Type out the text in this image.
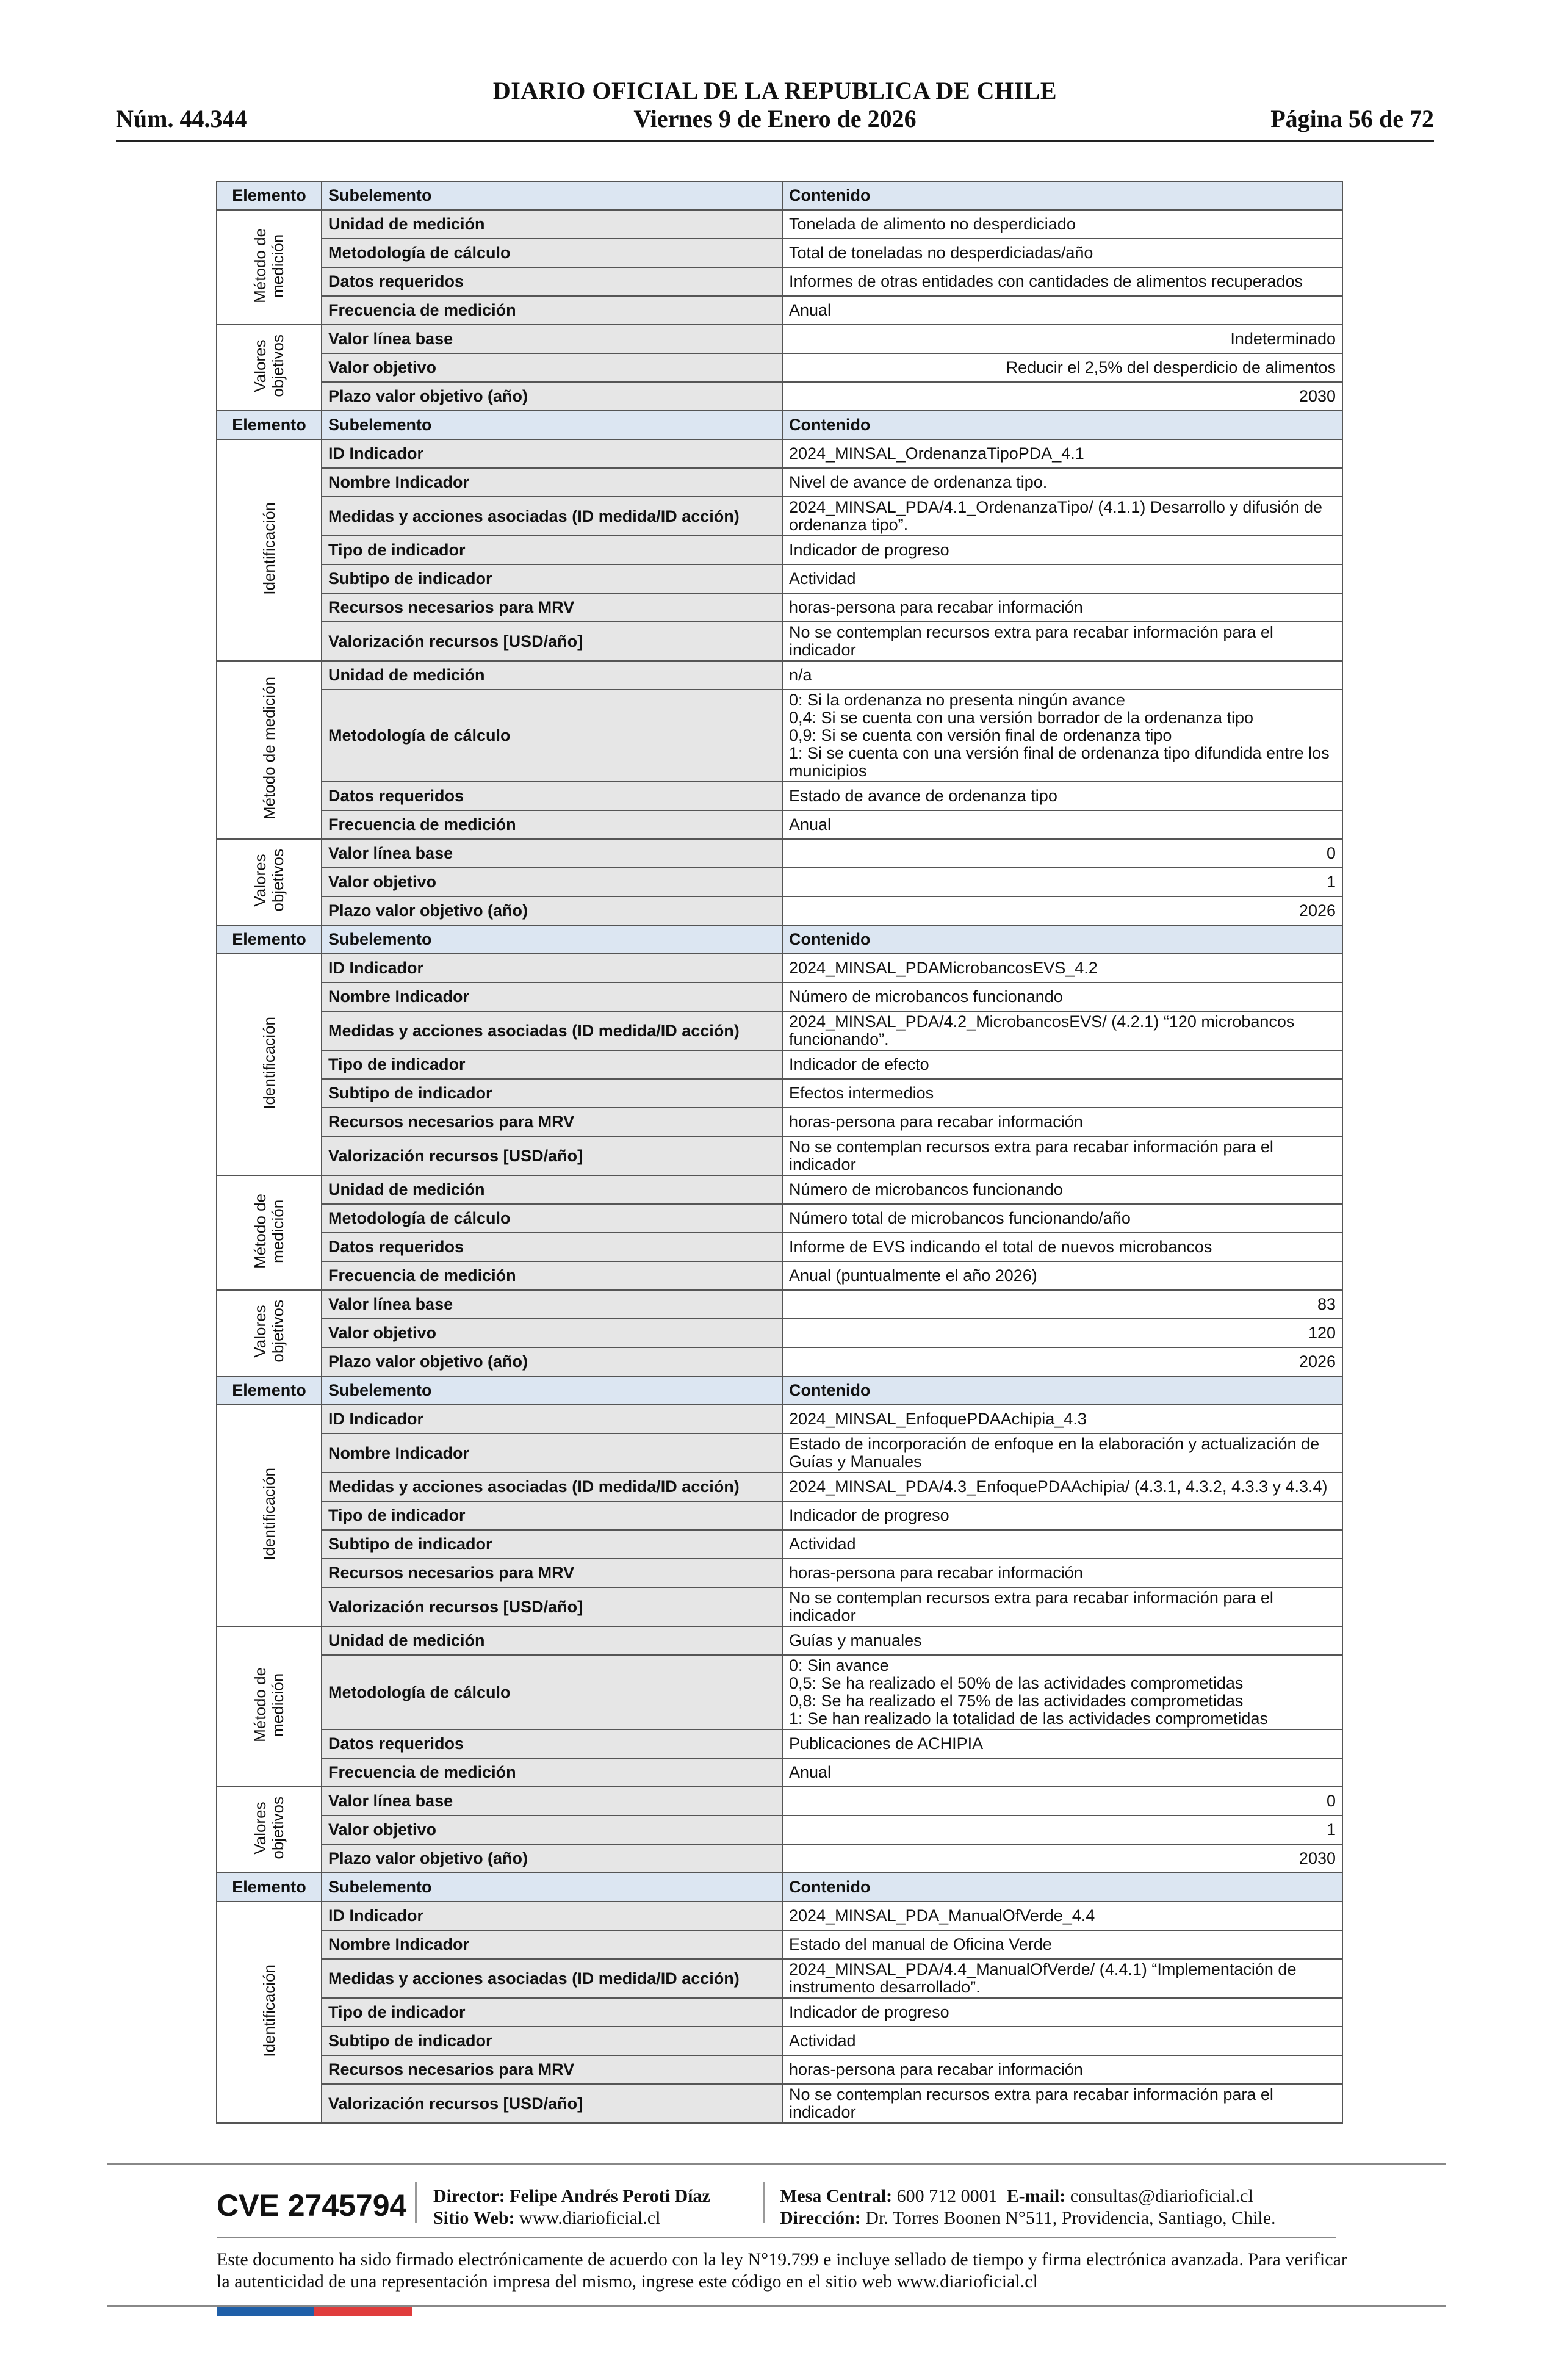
DIARIO OFICIAL DE LA REPUBLICA DE CHILE
Núm. 44.344	Viernes 9 de Enero de 2026	Página 56 de 72
Elemento	Subelemento	Contenido
Método de
medición	Unidad de medición	Tonelada de alimento no desperdiciado
	Metodología de cálculo	Total de toneladas no desperdiciadas/año
	Datos requeridos	Informes de otras entidades con cantidades de alimentos recuperados
	Frecuencia de medición	Anual
Valores
objetivos	Valor línea base	Indeterminado
	Valor objetivo	Reducir el 2,5% del desperdicio de alimentos
	Plazo valor objetivo (año)	2030
Elemento	Subelemento	Contenido
Identificación	ID Indicador	2024_MINSAL_OrdenanzaTipoPDA_4.1
	Nombre Indicador	Nivel de avance de ordenanza tipo.
	Medidas y acciones asociadas (ID medida/ID acción)	2024_MINSAL_PDA/4.1_OrdenanzaTipo/ (4.1.1) Desarrollo y difusión de ordenanza tipo”.
	Tipo de indicador	Indicador de progreso
	Subtipo de indicador	Actividad
	Recursos necesarios para MRV	horas-persona para recabar información
	Valorización recursos [USD/año]	No se contemplan recursos extra para recabar información para el indicador
Método de medición	Unidad de medición	n/a
	Metodología de cálculo	0: Si la ordenanza no presenta ningún avance
0,4: Si se cuenta con una versión borrador de la ordenanza tipo
0,9: Si se cuenta con versión final de ordenanza tipo
1: Si se cuenta con una versión final de ordenanza tipo difundida entre los municipios
	Datos requeridos	Estado de avance de ordenanza tipo
	Frecuencia de medición	Anual
Valores
objetivos	Valor línea base	0
	Valor objetivo	1
	Plazo valor objetivo (año)	2026
Elemento	Subelemento	Contenido
Identificación	ID Indicador	2024_MINSAL_PDAMicrobancosEVS_4.2
	Nombre Indicador	Número de microbancos funcionando
	Medidas y acciones asociadas (ID medida/ID acción)	2024_MINSAL_PDA/4.2_MicrobancosEVS/ (4.2.1) “120 microbancos funcionando”.
	Tipo de indicador	Indicador de efecto
	Subtipo de indicador	Efectos intermedios
	Recursos necesarios para MRV	horas-persona para recabar información
	Valorización recursos [USD/año]	No se contemplan recursos extra para recabar información para el indicador
Método de
medición	Unidad de medición	Número de microbancos funcionando
	Metodología de cálculo	Número total de microbancos funcionando/año
	Datos requeridos	Informe de EVS indicando el total de nuevos microbancos
	Frecuencia de medición	Anual (puntualmente el año 2026)
Valores
objetivos	Valor línea base	83
	Valor objetivo	120
	Plazo valor objetivo (año)	2026
Elemento	Subelemento	Contenido
Identificación	ID Indicador	2024_MINSAL_EnfoquePDAAchipia_4.3
	Nombre Indicador	Estado de incorporación de enfoque en la elaboración y actualización de Guías y Manuales
	Medidas y acciones asociadas (ID medida/ID acción)	2024_MINSAL_PDA/4.3_EnfoquePDAAchipia/ (4.3.1, 4.3.2, 4.3.3 y 4.3.4)
	Tipo de indicador	Indicador de progreso
	Subtipo de indicador	Actividad
	Recursos necesarios para MRV	horas-persona para recabar información
	Valorización recursos [USD/año]	No se contemplan recursos extra para recabar información para el indicador
Método de
medición	Unidad de medición	Guías y manuales
	Metodología de cálculo	0: Sin avance
0,5: Se ha realizado el 50% de las actividades comprometidas
0,8: Se ha realizado el 75% de las actividades comprometidas
1: Se han realizado la totalidad de las actividades comprometidas
	Datos requeridos	Publicaciones de ACHIPIA
	Frecuencia de medición	Anual
Valores
objetivos	Valor línea base	0
	Valor objetivo	1
	Plazo valor objetivo (año)	2030
Elemento	Subelemento	Contenido
Identificación	ID Indicador	2024_MINSAL_PDA_ManualOfVerde_4.4
	Nombre Indicador	Estado del manual de Oficina Verde
	Medidas y acciones asociadas (ID medida/ID acción)	2024_MINSAL_PDA/4.4_ManualOfVerde/ (4.4.1) “Implementación de instrumento desarrollado”.
	Tipo de indicador	Indicador de progreso
	Subtipo de indicador	Actividad
	Recursos necesarios para MRV	horas-persona para recabar información
	Valorización recursos [USD/año]	No se contemplan recursos extra para recabar información para el indicador
CVE 2745794 Director: Felipe Andrés Peroti Díaz
Sitio Web: www.diarioficial.cl
Mesa Central: 600 712 0001 E-mail: consultas@diarioficial.cl
Dirección: Dr. Torres Boonen N°511, Providencia, Santiago, Chile.
Este documento ha sido firmado electrónicamente de acuerdo con la ley N°19.799 e incluye sellado de tiempo y firma electrónica avanzada. Para verificar la autenticidad de una representación impresa del mismo, ingrese este código en el sitio web www.diarioficial.cl
